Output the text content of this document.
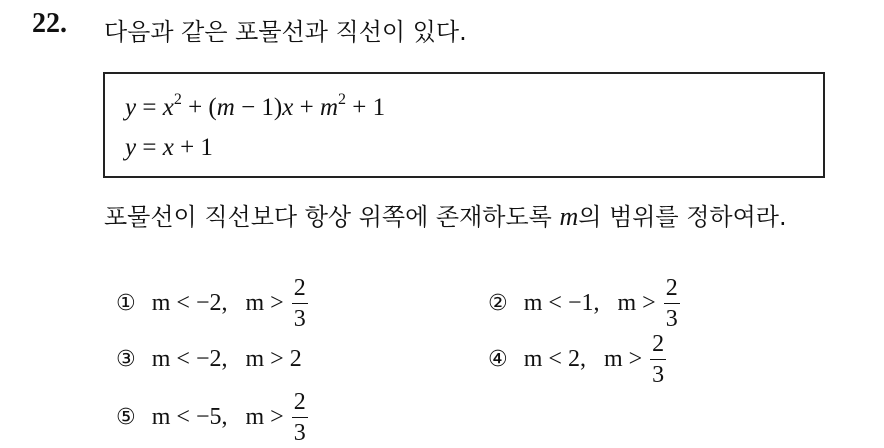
22. 다음과 같은 포물선과 직선이 있다.
$y = x^2 + (m - 1)x + m^2 + 1$
y = x + 1
포물선이 직선보다 항상 위쪽에 존재하도록 m의 범위를 정하여라.
① m < −2, $m > \frac{2}{3}$	② m < −1, $m > \frac{2}{3}$
③ m < −2, m > 2	④ m < 2, $m > \frac{2}{3}$
⑤ m < −5, $m > \frac{2}{3}$
